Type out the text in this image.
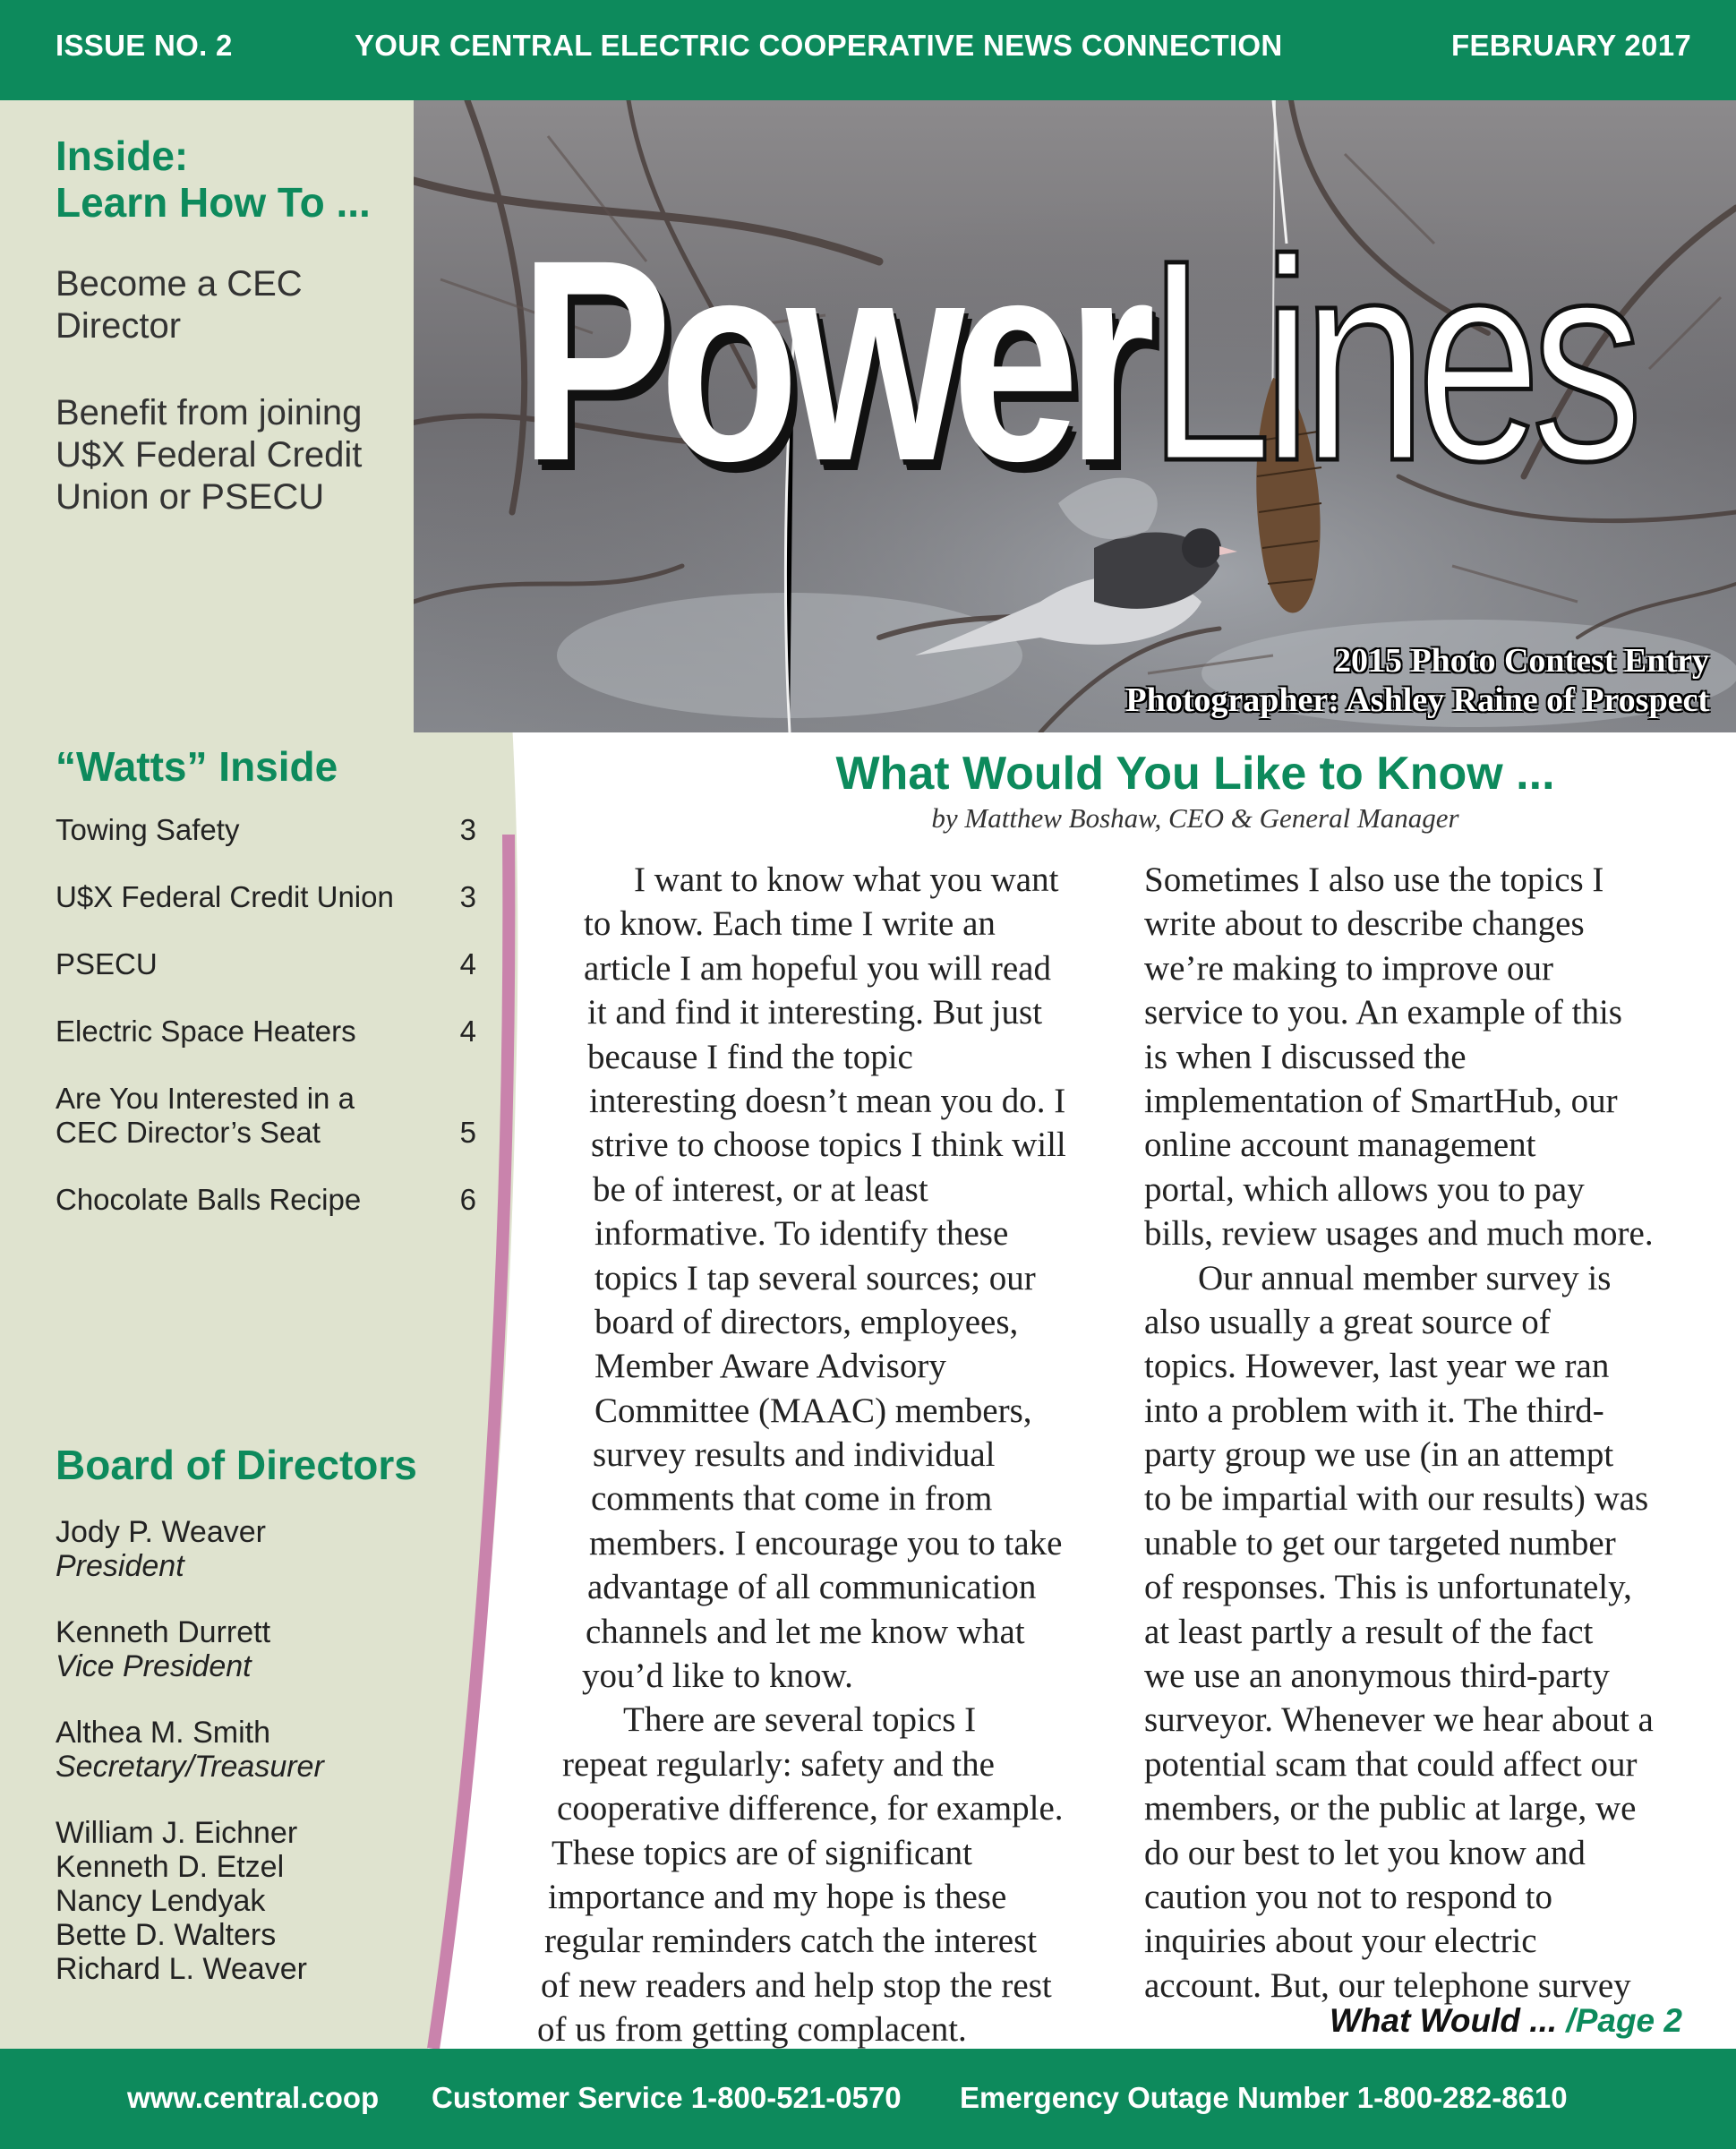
ISSUE NO. 2	YOUR CENTRAL ELECTRIC COOPERATIVE NEWS CONNECTION	FEBRUARY 2017
Inside:
Learn How To ...
Become a CEC
Director
Benefit from joining
U$X Federal Credit
Union or PSECU
“Watts” Inside
Towing Safety	3
U$X Federal Credit Union	3
PSECU	4
Electric Space Heaters	4
Are You Interested in a
CEC Director’s Seat	5
Chocolate Balls Recipe	6
Board of Directors
Jody P. Weaver
President
Kenneth Durrett
Vice President
Althea M. Smith
Secretary/Treasurer
William J. Eichner
Kenneth D. Etzel
Nancy Lendyak
Bette D. Walters
Richard L. Weaver
Power Lines
2015 Photo Contest Entry
Photographer: Ashley Raine of Prospect
What Would You Like to Know ...
by Matthew Boshaw, CEO & General Manager
I want to know what you want
to know. Each time I write an
article I am hopeful you will read
it and find it interesting. But just
because I find the topic
interesting doesn’t mean you do. I
strive to choose topics I think will
be of interest, or at least
informative. To identify these
topics I tap several sources; our
board of directors, employees,
Member Aware Advisory
Committee (MAAC) members,
survey results and individual
comments that come in from
members. I encourage you to take
advantage of all communication
channels and let me know what
you’d like to know.
There are several topics I
repeat regularly: safety and the
cooperative difference, for example.
These topics are of significant
importance and my hope is these
regular reminders catch the interest
of new readers and help stop the rest
of us from getting complacent.
Sometimes I also use the topics I
write about to describe changes
we’re making to improve our
service to you. An example of this
is when I discussed the
implementation of SmartHub, our
online account management
portal, which allows you to pay
bills, review usages and much more.
Our annual member survey is
also usually a great source of
topics. However, last year we ran
into a problem with it. The third-
party group we use (in an attempt
to be impartial with our results) was
unable to get our targeted number
of responses. This is unfortunately,
at least partly a result of the fact
we use an anonymous third-party
surveyor. Whenever we hear about a
potential scam that could affect our
members, or the public at large, we
do our best to let you know and
caution you not to respond to
inquiries about your electric
account. But, our telephone survey
What Would ... /Page 2
www.central.coop Customer Service 1-800-521-0570 Emergency Outage Number 1-800-282-8610
